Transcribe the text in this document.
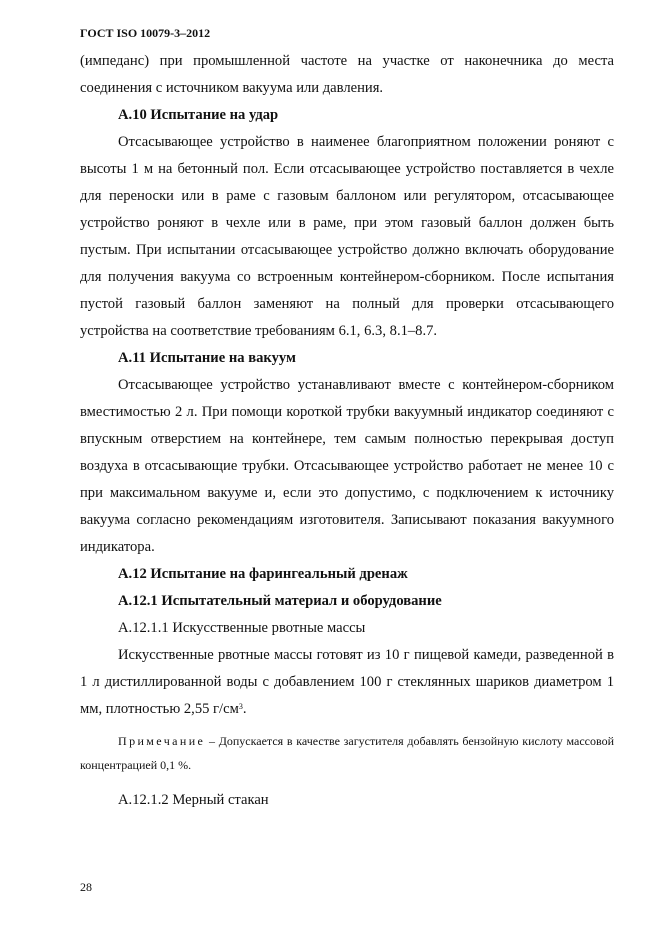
ГОСТ ISO 10079-3–2012

(импеданс) при промышленной частоте на участке от наконечника до места

соединения с источником вакуума или давления.

А.10 Испытание на удар

Отсасывающее устройство в наименее благоприятном положении роняют с высоты 1 м на бетонный пол. Если отсасывающее устройство поставляется в чехле для переноски или в раме с газовым баллоном или регулятором, отсасывающее устройство роняют в чехле или в раме, при этом газовый баллон должен быть пустым. При испытании отсасывающее устройство должно включать оборудование для получения вакуума со встроенным контейнером-сборником. После испытания пустой газовый баллон заменяют на полный для проверки отсасывающего устройства на соответствие требованиям 6.1, 6.3, 8.1–8.7.

А.11 Испытание на вакуум

Отсасывающее устройство устанавливают вместе с контейнером-сборником вместимостью 2 л. При помощи короткой трубки вакуумный индикатор соединяют с впускным отверстием на контейнере, тем самым полностью перекрывая доступ воздуха в отсасывающие трубки. Отсасывающее устройство работает не менее 10 с при максимальном вакууме и, если это допустимо, с подключением к источнику вакуума согласно рекомендациям изготовителя. Записывают показания вакуумного индикатора.

А.12 Испытание на фарингеальный дренаж

А.12.1 Испытательный материал и оборудование

А.12.1.1 Искусственные рвотные массы

Искусственные рвотные массы готовят из 10 г пищевой камеди, разведенной в 1 л дистиллированной воды с добавлением 100 г стеклянных шариков диаметром 1 мм, плотностью 2,55 $г/см^3$.

Примечание – Допускается в качестве загустителя добавлять бензойную кислоту массовой концентрацией 0,1 %.

А.12.1.2 Мерный стакан

28
